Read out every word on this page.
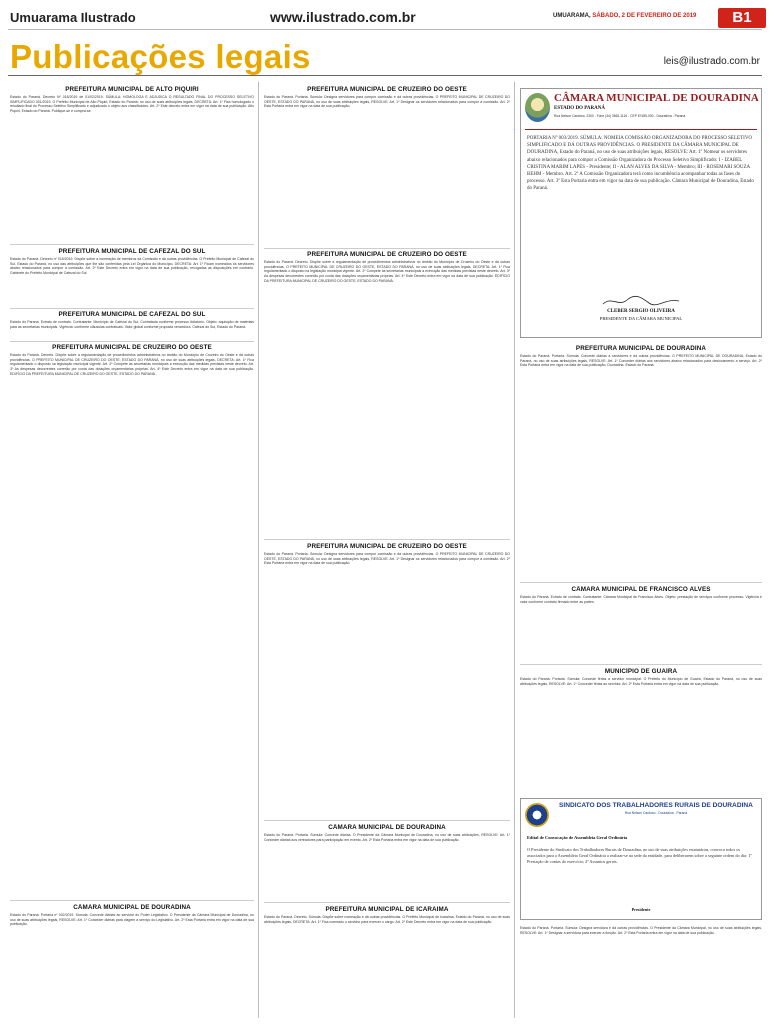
Umuarama Ilustrado	www.ilustrado.com.br	UMUARAMA, SÁBADO, 2 DE FEVEREIRO DE 2019	B1
Publicações legais	leis@ilustrado.com.br
PREFEITURA MUNICIPAL DE ALTO PIQUIRI
Estado do Paraná. Decreto Nº 018/2019 de 01/02/2019. SÚMULA: HOMOLOGA E ADJUDICA O RESULTADO FINAL DO PROCESSO SELETIVO SIMPLIFICADO 001/2019. O Prefeito Municipal de Alto Piquiri, Estado do Paraná, no uso de suas atribuições legais, DECRETA: Art. 1º Fica homologado o resultado final do Processo Seletivo Simplificado e adjudicado o objeto aos classificados. Art. 2º Este decreto entra em vigor na data de sua publicação. Alto Piquiri, Estado do Paraná. Publique-se e cumpra-se.
PREFEITURA MUNICIPAL DE CAFEZAL DO SUL
Estado do Paraná. Decreto nº 015/2019. Dispõe sobre a nomeação de membros da Comissão e dá outras providências. O Prefeito Municipal de Cafezal do Sul, Estado do Paraná, no uso das atribuições que lhe são conferidas pela Lei Orgânica do Município, DECRETA: Art. 1º Ficam nomeados os servidores abaixo relacionados para compor a comissão. Art. 2º Este Decreto entra em vigor na data de sua publicação, revogadas as disposições em contrário. Gabinete do Prefeito Municipal de Cafezal do Sul.
PREFEITURA MUNICIPAL DE CAFEZAL DO SUL
Estado do Paraná. Extrato de contrato. Contratante: Município de Cafezal do Sul. Contratada conforme processo licitatório. Objeto: aquisição de materiais para as secretarias municipais. Vigência: conforme cláusulas contratuais. Valor global conforme proposta vencedora. Cafezal do Sul, Estado do Paraná.
PREFEITURA MUNICIPAL DE CRUZEIRO DO OESTE
Estado do Paraná. Decreto. Dispõe sobre a regulamentação de procedimentos administrativos no âmbito do Município de Cruzeiro do Oeste e dá outras providências. O PREFEITO MUNICIPAL DE CRUZEIRO DO OESTE, ESTADO DO PARANÁ, no uso de suas atribuições legais, DECRETA: Art. 1º Fica regulamentado o disposto na legislação municipal vigente. Art. 2º Compete às secretarias municipais a execução das medidas previstas neste decreto. Art. 3º As despesas decorrentes correrão por conta das dotações orçamentárias próprias. Art. 4º Este Decreto entra em vigor na data de sua publicação. EDIFÍCIO DA PREFEITURA MUNICIPAL DE CRUZEIRO DO OESTE, ESTADO DO PARANÁ.
CÂMARA MUNICIPAL DE DOURADINA
Estado do Paraná. Portaria nº 002/2019. Súmula: Concede diárias ao servidor do Poder Legislativo. O Presidente da Câmara Municipal de Douradina, no uso de suas atribuições legais, RESOLVE: Art. 1º Conceder diárias para viagem a serviço do Legislativo. Art. 2º Esta Portaria entra em vigor na data de sua publicação.
PREFEITURA MUNICIPAL DE CRUZEIRO DO OESTE
Estado do Paraná. Portaria. Súmula: Designa servidores para compor comissão e dá outras providências. O PREFEITO MUNICIPAL DE CRUZEIRO DO OESTE, ESTADO DO PARANÁ, no uso de suas atribuições legais, RESOLVE: Art. 1º Designar os servidores relacionados para compor a comissão. Art. 2º Esta Portaria entra em vigor na data de sua publicação.
PREFEITURA MUNICIPAL DE CRUZEIRO DO OESTE
Estado do Paraná. Decreto. Dispõe sobre a regulamentação de procedimentos administrativos no âmbito do Município de Cruzeiro do Oeste e dá outras providências. O PREFEITO MUNICIPAL DE CRUZEIRO DO OESTE, ESTADO DO PARANÁ, no uso de suas atribuições legais, DECRETA: Art. 1º Fica regulamentado o disposto na legislação municipal vigente. Art. 2º Compete às secretarias municipais a execução das medidas previstas neste decreto. Art. 3º As despesas decorrentes correrão por conta das dotações orçamentárias próprias. Art. 4º Este Decreto entra em vigor na data de sua publicação. EDIFÍCIO DA PREFEITURA MUNICIPAL DE CRUZEIRO DO OESTE, ESTADO DO PARANÁ.
PREFEITURA MUNICIPAL DE CRUZEIRO DO OESTE
Estado do Paraná. Portaria. Súmula: Designa servidores para compor comissão e dá outras providências. O PREFEITO MUNICIPAL DE CRUZEIRO DO OESTE, ESTADO DO PARANÁ, no uso de suas atribuições legais, RESOLVE: Art. 1º Designar os servidores relacionados para compor a comissão. Art. 2º Esta Portaria entra em vigor na data de sua publicação.
CÂMARA MUNICIPAL DE DOURADINA
Estado do Paraná. Portaria. Súmula: Concede diárias. O Presidente da Câmara Municipal de Douradina, no uso de suas atribuições, RESOLVE: Art. 1º Conceder diárias aos vereadores para participação em evento. Art. 2º Esta Portaria entra em vigor na data de sua publicação.
PREFEITURA MUNICIPAL DE ICARAIMA
Estado do Paraná. Decreto. Súmula: Dispõe sobre nomeação e dá outras providências. O Prefeito Municipal de Icaraima, Estado do Paraná, no uso de suas atribuições legais, DECRETA: Art. 1º Fica nomeado o servidor para exercer o cargo. Art. 2º Este Decreto entra em vigor na data de sua publicação.
CÂMARA MUNICIPAL DE DOURADINA
ESTADO DO PARANÁ
Rua Nelson Cardoso, 2300 - Fone (44) 3663-1116 - CEP 87485-000 - Douradina - Paraná
PORTARIA Nº 003/2019. SÚMULA: NOMEIA COMISSÃO ORGANIZADORA DO PROCESSO SELETIVO SIMPLIFICADO E DÁ OUTRAS PROVIDÊNCIAS. O PRESIDENTE DA CÂMARA MUNICIPAL DE DOURADINA, Estado do Paraná, no uso de suas atribuições legais, RESOLVE: Art. 1º Nomear os servidores abaixo relacionados para compor a Comissão Organizadora do Processo Seletivo Simplificado: I - IZABEL CRISTINA MARIM LAPES - Presidente; II - ALAN ALVES DA SILVA - Membro; III - ROSEMARI SOUZA BEHM - Membro. Art. 2º A Comissão Organizadora terá como incumbência acompanhar todas as fases do processo. Art. 3º Esta Portaria entra em vigor na data de sua publicação. Câmara Municipal de Douradina, Estado do Paraná.
CLEBER SERGIO OLIVEIRA
PRESIDENTE DA CÂMARA MUNICIPAL
PREFEITURA MUNICIPAL DE DOURADINA
Estado do Paraná. Portaria. Súmula: Concede diárias a servidores e dá outras providências. O PREFEITO MUNICIPAL DE DOURADINA, Estado do Paraná, no uso de suas atribuições legais, RESOLVE: Art. 1º Conceder diárias aos servidores abaixo relacionados para deslocamento a serviço. Art. 2º Esta Portaria entra em vigor na data de sua publicação. Douradina, Estado do Paraná.
CÂMARA MUNICIPAL DE FRANCISCO ALVES
Estado do Paraná. Extrato de contrato. Contratante: Câmara Municipal de Francisco Alves. Objeto: prestação de serviços conforme processo. Vigência e valor conforme contrato firmado entre as partes.
MUNICÍPIO DE GUAÍRA
Estado do Paraná. Portaria. Súmula: Concede férias a servidor municipal. O Prefeito do Município de Guaíra, Estado do Paraná, no uso de suas atribuições legais, RESOLVE: Art. 1º Conceder férias ao servidor. Art. 2º Esta Portaria entra em vigor na data de sua publicação.
SINDICATO DOS TRABALHADORES RURAIS DE DOURADINA
Rua Nelson Cardoso - Douradina - Paraná
Edital de Convocação de Assembleia Geral Ordinária
O Presidente do Sindicato dos Trabalhadores Rurais de Douradina, no uso de suas atribuições estatutárias, convoca todos os associados para a Assembleia Geral Ordinária a realizar-se na sede da entidade, para deliberarem sobre a seguinte ordem do dia: 1º Prestação de contas do exercício; 2º Assuntos gerais.
Presidente
Estado do Paraná. Portaria. Súmula: Designa servidora e dá outras providências. O Presidente da Câmara Municipal, no uso de suas atribuições legais, RESOLVE: Art. 1º Designar a servidora para exercer a função. Art. 2º Esta Portaria entra em vigor na data de sua publicação.
